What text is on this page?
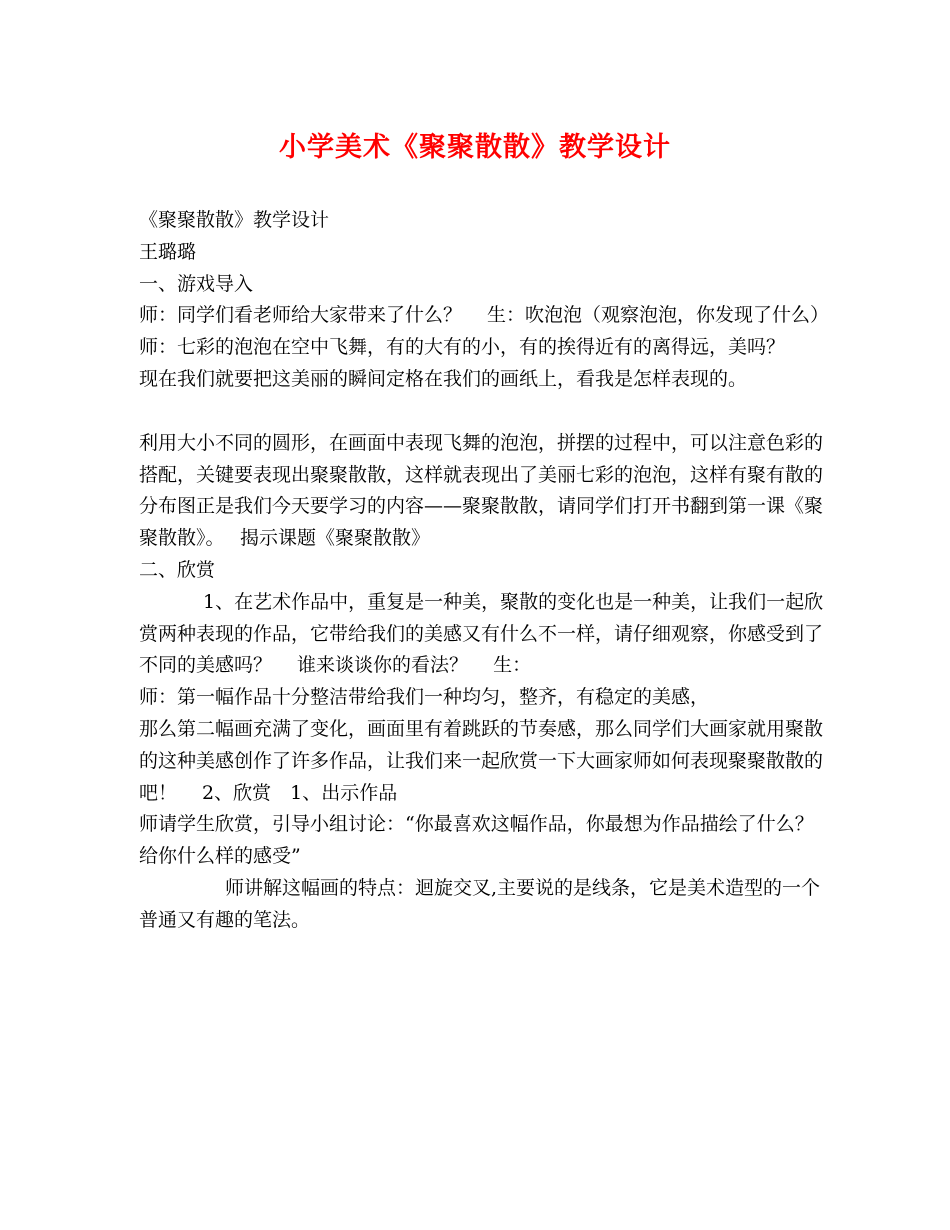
小学美术《聚聚散散》教学设计

《聚聚散散》教学设计

王璐璐

一、游戏导入

师：同学们看老师给大家带来了什么？　 生：吹泡泡（观察泡泡，你发现了什么）

师：七彩的泡泡在空中飞舞，有的大有的小，有的挨得近有的离得远，美吗？

现在我们就要把这美丽的瞬间定格在我们的画纸上，看我是怎样表现的。

利用大小不同的圆形，在画面中表现飞舞的泡泡，拼摆的过程中，可以注意色彩的搭配，关键要表现出聚聚散散，这样就表现出了美丽七彩的泡泡，这样有聚有散的分布图正是我们今天要学习的内容——聚聚散散，请同学们打开书翻到第一课《聚聚散散》。　 揭示课题《聚聚散散》

二、欣赏

1、在艺术作品中，重复是一种美，聚散的变化也是一种美，让我们一起欣赏两种表现的作品，它带给我们的美感又有什么不一样，请仔细观察，你感受到了不同的美感吗？　 谁来谈谈你的看法？　 生：

师：第一幅作品十分整洁带给我们一种均匀，整齐，有稳定的美感，

那么第二幅画充满了变化，画面里有着跳跃的节奏感，那么同学们大画家就用聚散的这种美感创作了许多作品，让我们来一起欣赏一下大画家师如何表现聚聚散散的吧！　 2、欣赏　1、出示作品

师请学生欣赏，引导小组讨论：“你最喜欢这幅作品，你最想为作品描绘了什么？给你什么样的感受”

师讲解这幅画的特点：迴旋交叉,主要说的是线条，它是美术造型的一个普通又有趣的笔法。
